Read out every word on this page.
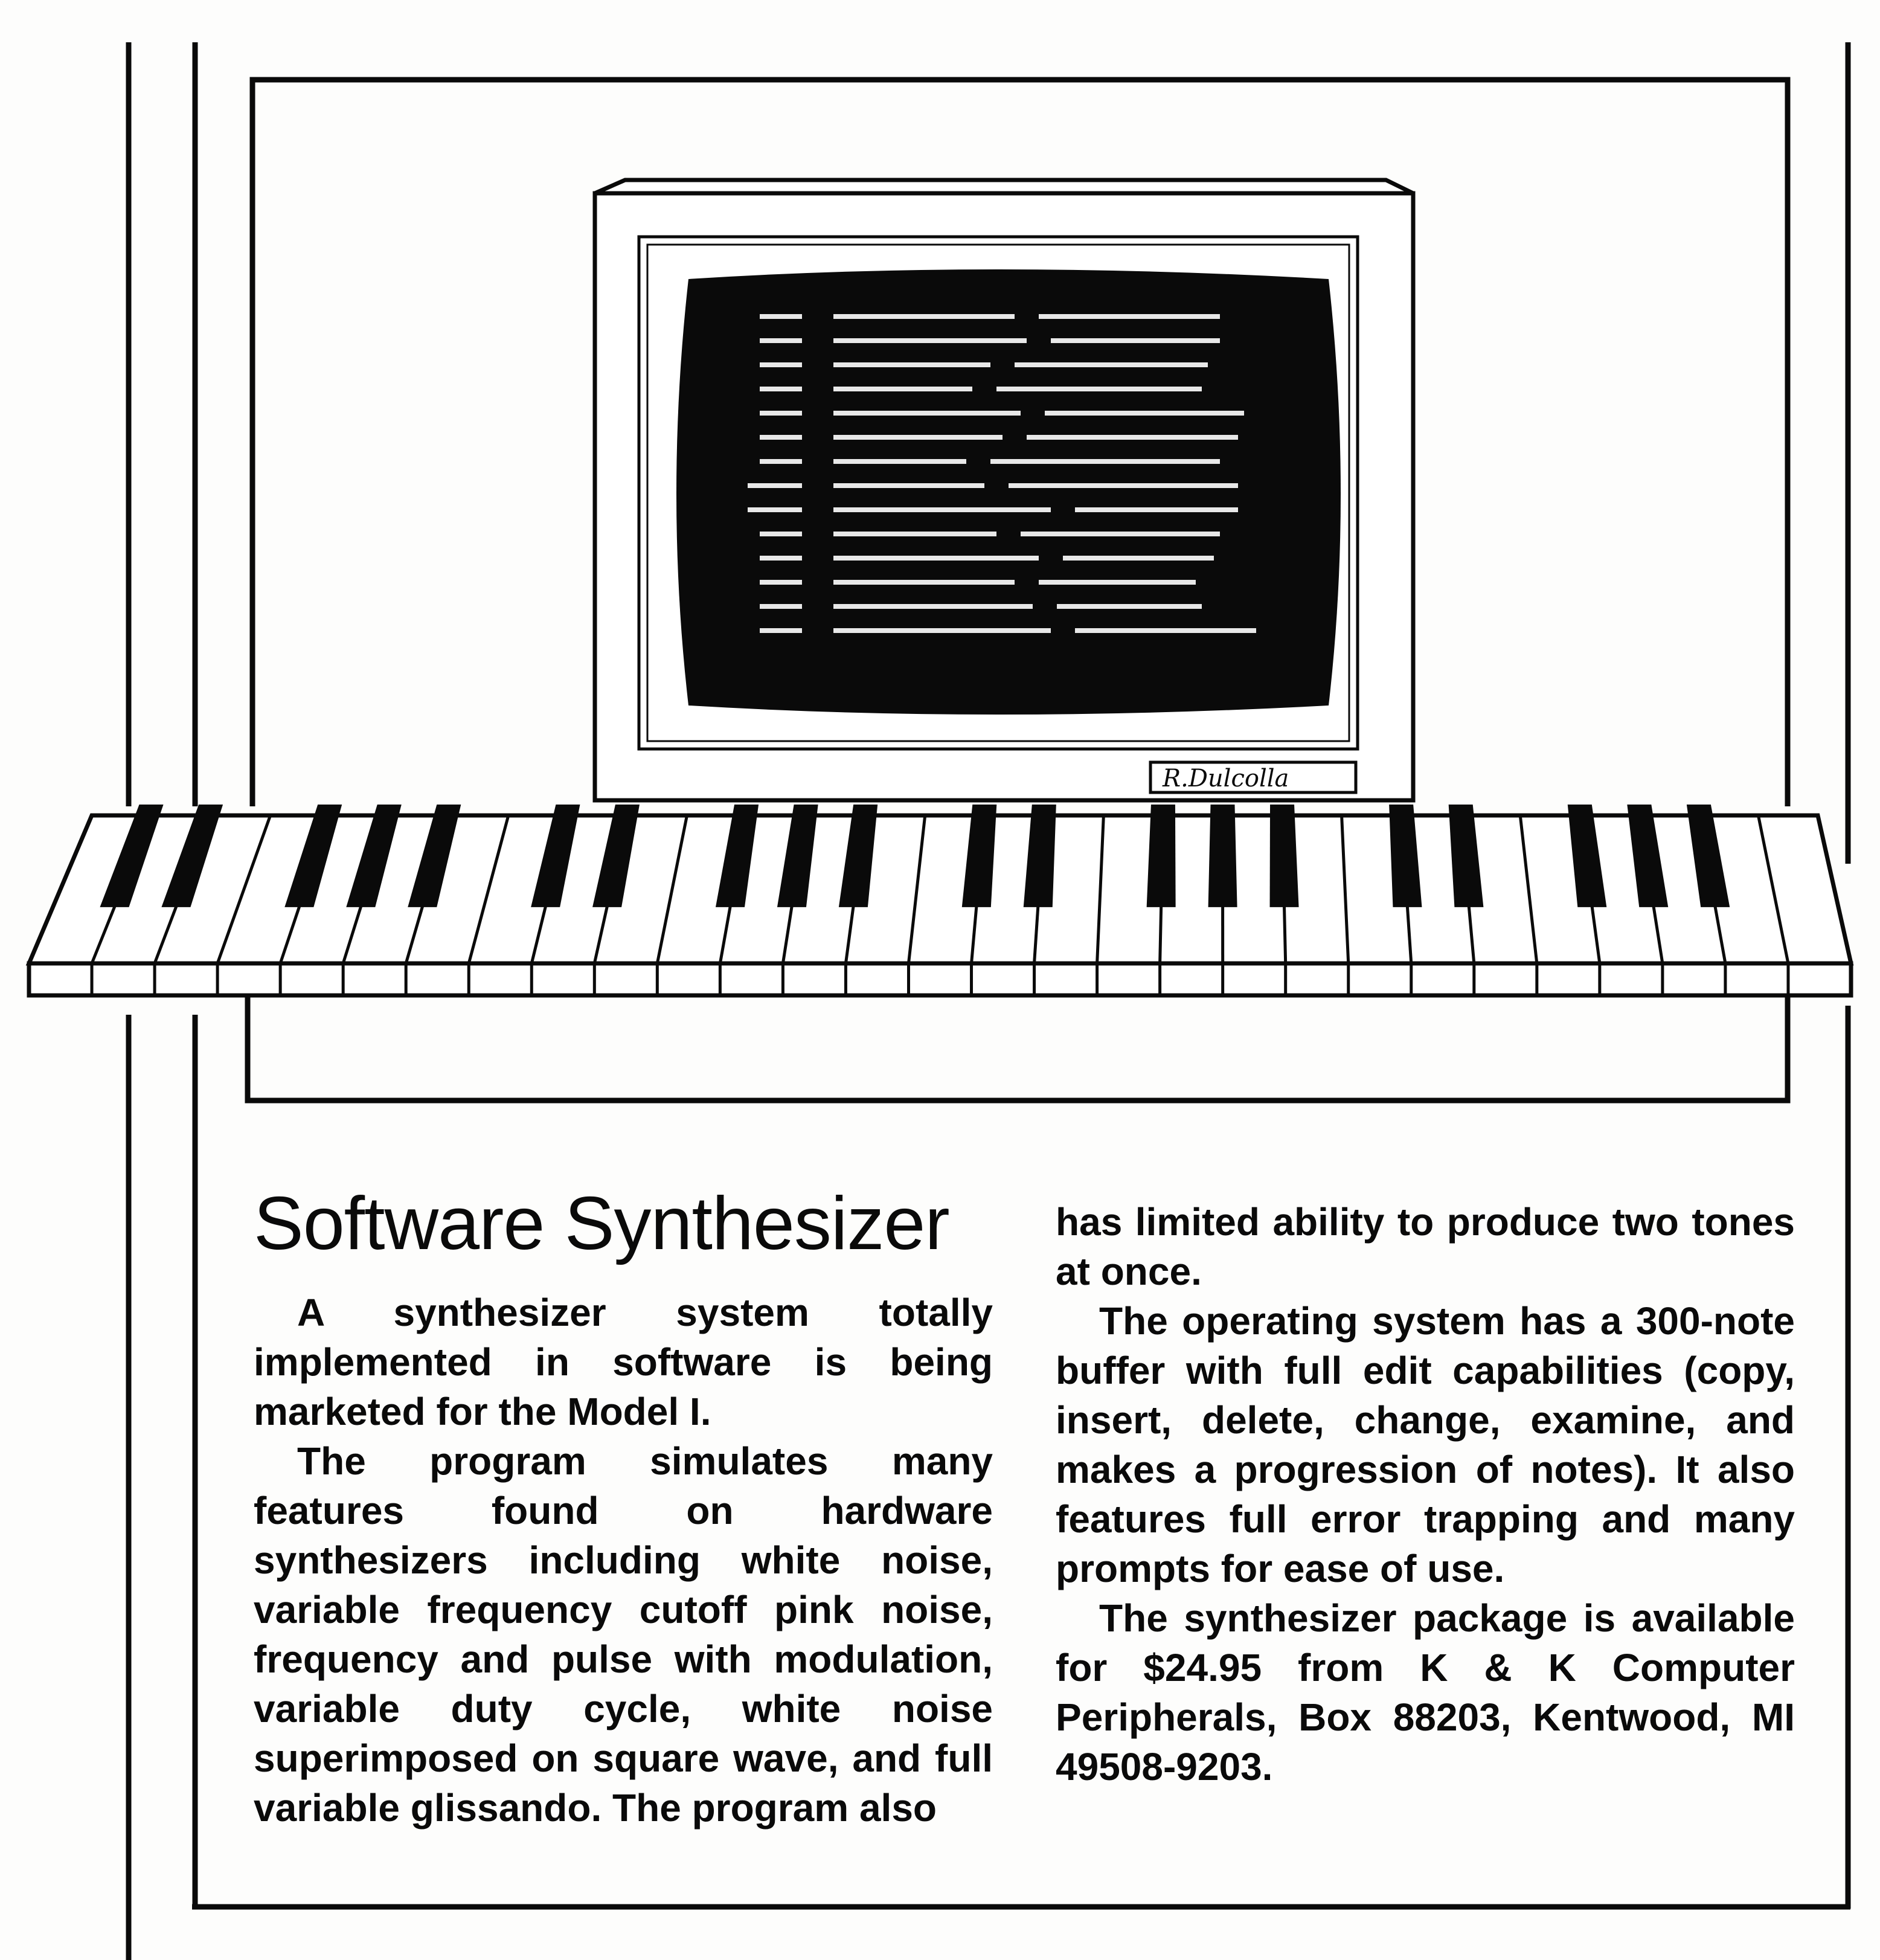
R.Dulcolla
Software Synthesizer

A synthesizer system totally implemented in software is being marketed for the Model I.

The program simulates many features found on hardware synthesizers including white noise, variable frequency cutoff pink noise, frequency and pulse with modulation, variable duty cycle, white noise superimposed on square wave, and full variable glissando. The program also

has limited ability to produce two tones at once.

The operating system has a 300-note buffer with full edit capabilities (copy, insert, delete, change, examine, and makes a progression of notes). It also features full error trapping and many prompts for ease of use.

The synthesizer package is available for $24.95 from K & K Computer Peripherals, Box 88203, Kentwood, MI 49508-9203.
